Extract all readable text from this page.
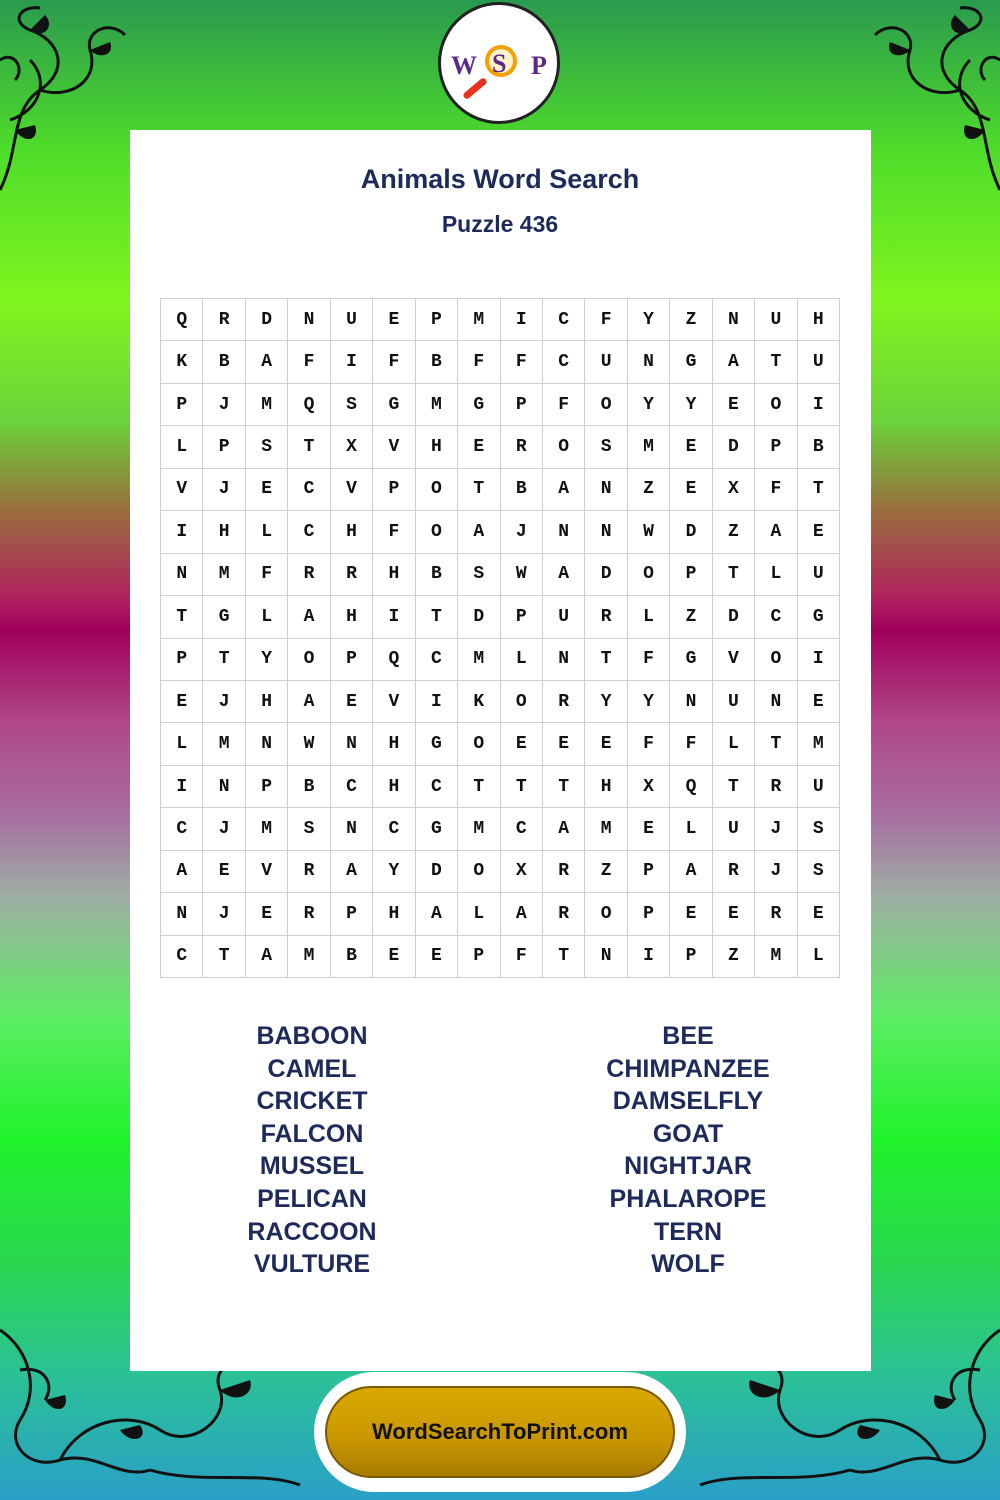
W S P
Animals Word Search
Puzzle 436
Q	R	D	N	U	E	P	M	I	C	F	Y	Z	N	U	H
K	B	A	F	I	F	B	F	F	C	U	N	G	A	T	U
P	J	M	Q	S	G	M	G	P	F	O	Y	Y	E	O	I
L	P	S	T	X	V	H	E	R	O	S	M	E	D	P	B
V	J	E	C	V	P	O	T	B	A	N	Z	E	X	F	T
I	H	L	C	H	F	O	A	J	N	N	W	D	Z	A	E
N	M	F	R	R	H	B	S	W	A	D	O	P	T	L	U
T	G	L	A	H	I	T	D	P	U	R	L	Z	D	C	G
P	T	Y	O	P	Q	C	M	L	N	T	F	G	V	O	I
E	J	H	A	E	V	I	K	O	R	Y	Y	N	U	N	E
L	M	N	W	N	H	G	O	E	E	E	F	F	L	T	M
I	N	P	B	C	H	C	T	T	T	H	X	Q	T	R	U
C	J	M	S	N	C	G	M	C	A	M	E	L	U	J	S
A	E	V	R	A	Y	D	O	X	R	Z	P	A	R	J	S
N	J	E	R	P	H	A	L	A	R	O	P	E	E	R	E
C	T	A	M	B	E	E	P	F	T	N	I	P	Z	M	L
BABOON
CAMEL
CRICKET
FALCON
MUSSEL
PELICAN
RACCOON
VULTURE
BEE
CHIMPANZEE
DAMSELFLY
GOAT
NIGHTJAR
PHALAROPE
TERN
WOLF
WordSearchToPrint.com
